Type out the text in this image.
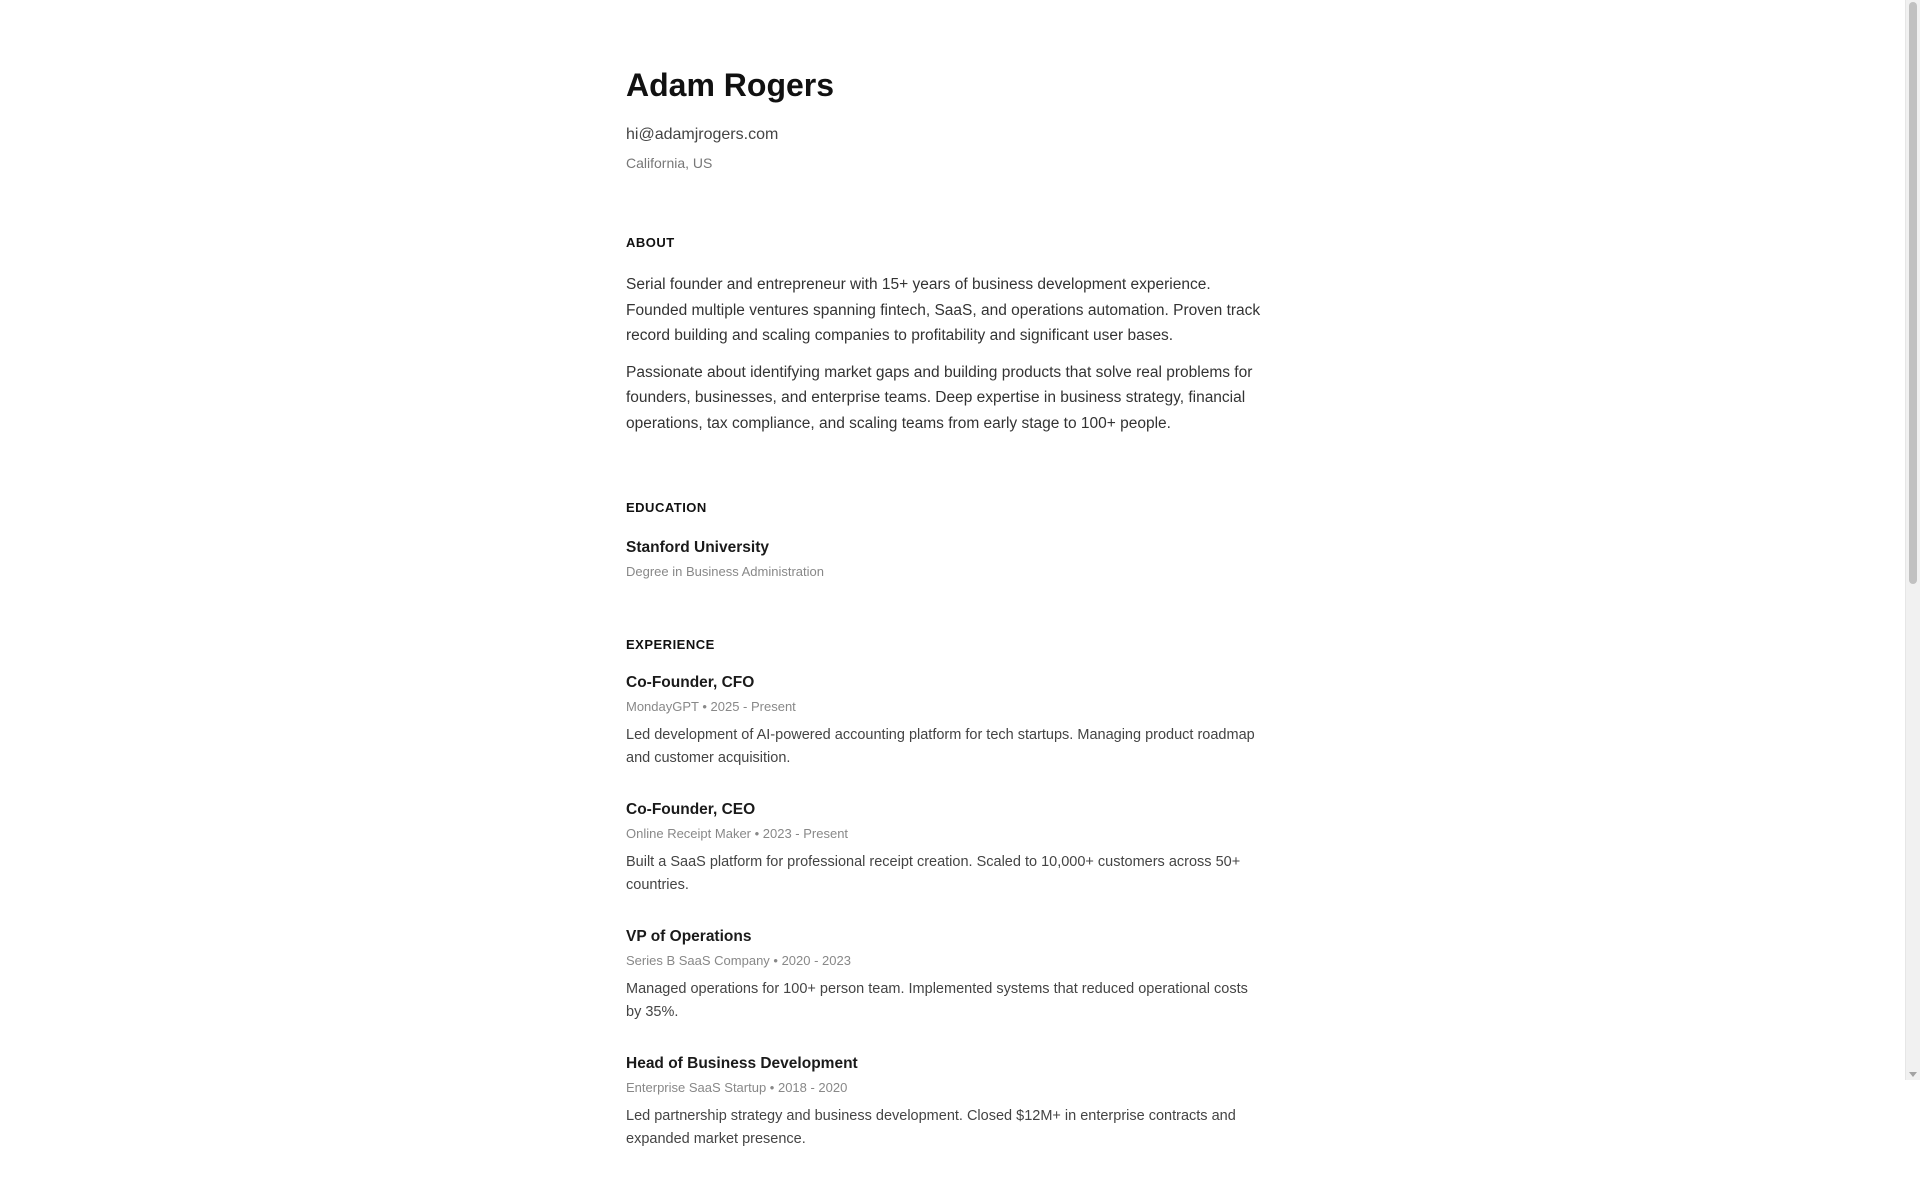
Adam Rogers
hi@adamjrogers.com
California, US
ABOUT

Serial founder and entrepreneur with 15+ years of business development experience. Founded multiple ventures spanning fintech, SaaS, and operations automation. Proven track record building and scaling companies to profitability and significant user bases.

Passionate about identifying market gaps and building products that solve real problems for founders, businesses, and enterprise teams. Deep expertise in business strategy, financial operations, tax compliance, and scaling teams from early stage to 100+ people.

EDUCATION
Stanford University
Degree in Business Administration
EXPERIENCE
Co-Founder, CFO
MondayGPT • 2025 - Present
Led development of AI-powered accounting platform for tech startups. Managing product roadmap and customer acquisition.
Co-Founder, CEO
Online Receipt Maker • 2023 - Present
Built a SaaS platform for professional receipt creation. Scaled to 10,000+ customers across 50+ countries.
VP of Operations
Series B SaaS Company • 2020 - 2023
Managed operations for 100+ person team. Implemented systems that reduced operational costs by 35%.
Head of Business Development
Enterprise SaaS Startup • 2018 - 2020
Led partnership strategy and business development. Closed $12M+ in enterprise contracts and expanded market presence.
